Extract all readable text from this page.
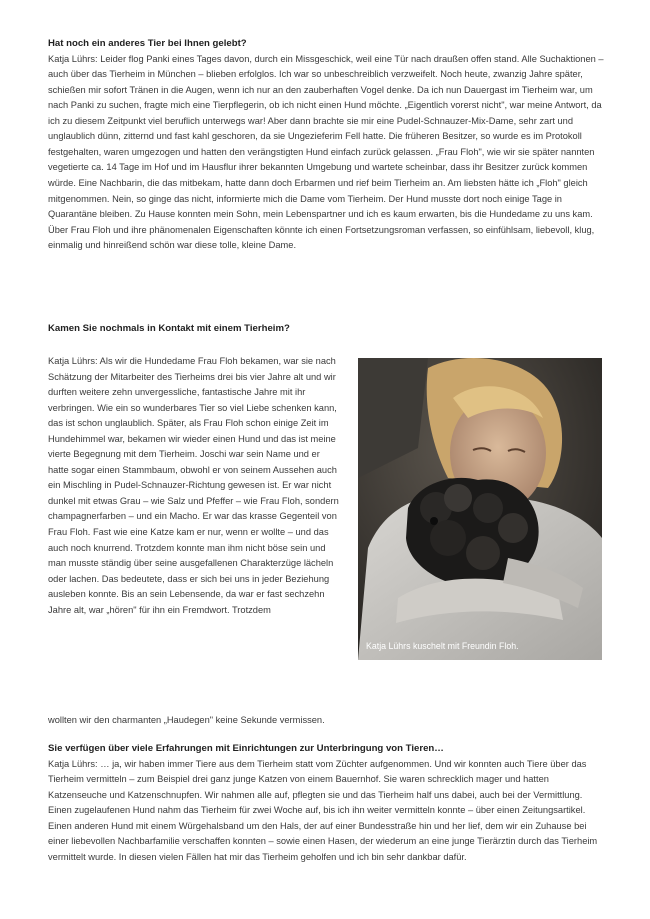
Hat noch ein anderes Tier bei Ihnen gelebt?

Katja Lührs: Leider flog Panki eines Tages davon, durch ein Missgeschick, weil eine Tür nach draußen offen stand. Alle Suchaktionen – auch über das Tierheim in München – blieben erfolglos. Ich war so unbeschreiblich verzweifelt. Noch heute, zwanzig Jahre später, schießen mir sofort Tränen in die Augen, wenn ich nur an den zauberhaften Vogel denke. Da ich nun Dauergast im Tierheim war, um nach Panki zu suchen, fragte mich eine Tierpflegerin, ob ich nicht einen Hund möchte. „Eigentlich vorerst nicht", war meine Antwort, da ich zu diesem Zeitpunkt viel beruflich unterwegs war! Aber dann brachte sie mir eine Pudel-Schnauzer-Mix-Dame, sehr zart und unglaublich dünn, zitternd und fast kahl geschoren, da sie Ungezieferim Fell hatte. Die früheren Besitzer, so wurde es im Protokoll festgehalten, waren umgezogen und hatten den verängstigten Hund einfach zurück gelassen. „Frau Floh", wie wir sie später nannten vegetierte ca. 14 Tage im Hof und im Hausflur ihrer bekannten Umgebung und wartete scheinbar, dass ihr Besitzer zurück kommen würde. Eine Nachbarin, die das mitbekam, hatte dann doch Erbarmen und rief beim Tierheim an. Am liebsten hätte ich „Floh" gleich mitgenommen. Nein, so ginge das nicht, informierte mich die Dame vom Tierheim. Der Hund musste dort noch einige Tage in Quarantäne bleiben. Zu Hause konnten mein Sohn, mein Lebenspartner und ich es kaum erwarten, bis die Hundedame zu uns kam. Über Frau Floh und ihre phänomenalen Eigenschaften könnte ich einen Fortsetzungsroman verfassen, so einfühlsam, liebevoll, klug, einmalig und hinreißend schön war diese tolle, kleine Dame.

Kamen Sie nochmals in Kontakt mit einem Tierheim?

Katja Lührs: Als wir die Hundedame Frau Floh bekamen, war sie nach Schätzung der Mitarbeiter des Tierheims drei bis vier Jahre alt und wir durften weitere zehn unvergessliche, fantastische Jahre mit ihr verbringen. Wie ein so wunderbares Tier so viel Liebe schenken kann, das ist schon unglaublich. Später, als Frau Floh schon einige Zeit im Hundehimmel war, bekamen wir wieder einen Hund und das ist meine vierte Begegnung mit dem Tierheim. Joschi war sein Name und er hatte sogar einen Stammbaum, obwohl er von seinem Aussehen auch ein Mischling in Pudel-Schnauzer-Richtung gewesen ist. Er war nicht dunkel mit etwas Grau – wie Salz und Pfeffer – wie Frau Floh, sondern champagnerfarben – und ein Macho. Er war das krasse Gegenteil von Frau Floh. Fast wie eine Katze kam er nur, wenn er wollte – und das auch noch knurrend. Trotzdem konnte man ihm nicht böse sein und man musste ständig über seine ausgefallenen Charakterzüge lächeln oder lachen. Das bedeutete, dass er sich bei uns in jeder Beziehung ausleben konnte. Bis an sein Lebensende, da war er fast sechzehn Jahre alt, war „hören" für ihn ein Fremdwort. Trotzdem

Katja Lührs kuschelt mit Freundin Floh.

wollten wir den charmanten „Haudegen" keine Sekunde vermissen.

Sie verfügen über viele Erfahrungen mit Einrichtungen zur Unterbringung von Tieren…

Katja Lührs: … ja, wir haben immer Tiere aus dem Tierheim statt vom Züchter aufgenommen. Und wir konnten auch Tiere über das Tierheim vermitteln – zum Beispiel drei ganz junge Katzen von einem Bauernhof. Sie waren schrecklich mager und hatten Katzenseuche und Katzenschnupfen. Wir nahmen alle auf, pflegten sie und das Tierheim half uns dabei, auch bei der Vermittlung. Einen zugelaufenen Hund nahm das Tierheim für zwei Woche auf, bis ich ihn weiter vermitteln konnte – über einen Zeitungsartikel. Einen anderen Hund mit einem Würgehalsband um den Hals, der auf einer Bundesstraße hin und her lief, dem wir ein Zuhause bei einer liebevollen Nachbarfamilie verschaffen konnten – sowie einen Hasen, der wiederum an eine junge Tierärztin durch das Tierheim vermittelt wurde. In diesen vielen Fällen hat mir das Tierheim geholfen und ich bin sehr dankbar dafür.
